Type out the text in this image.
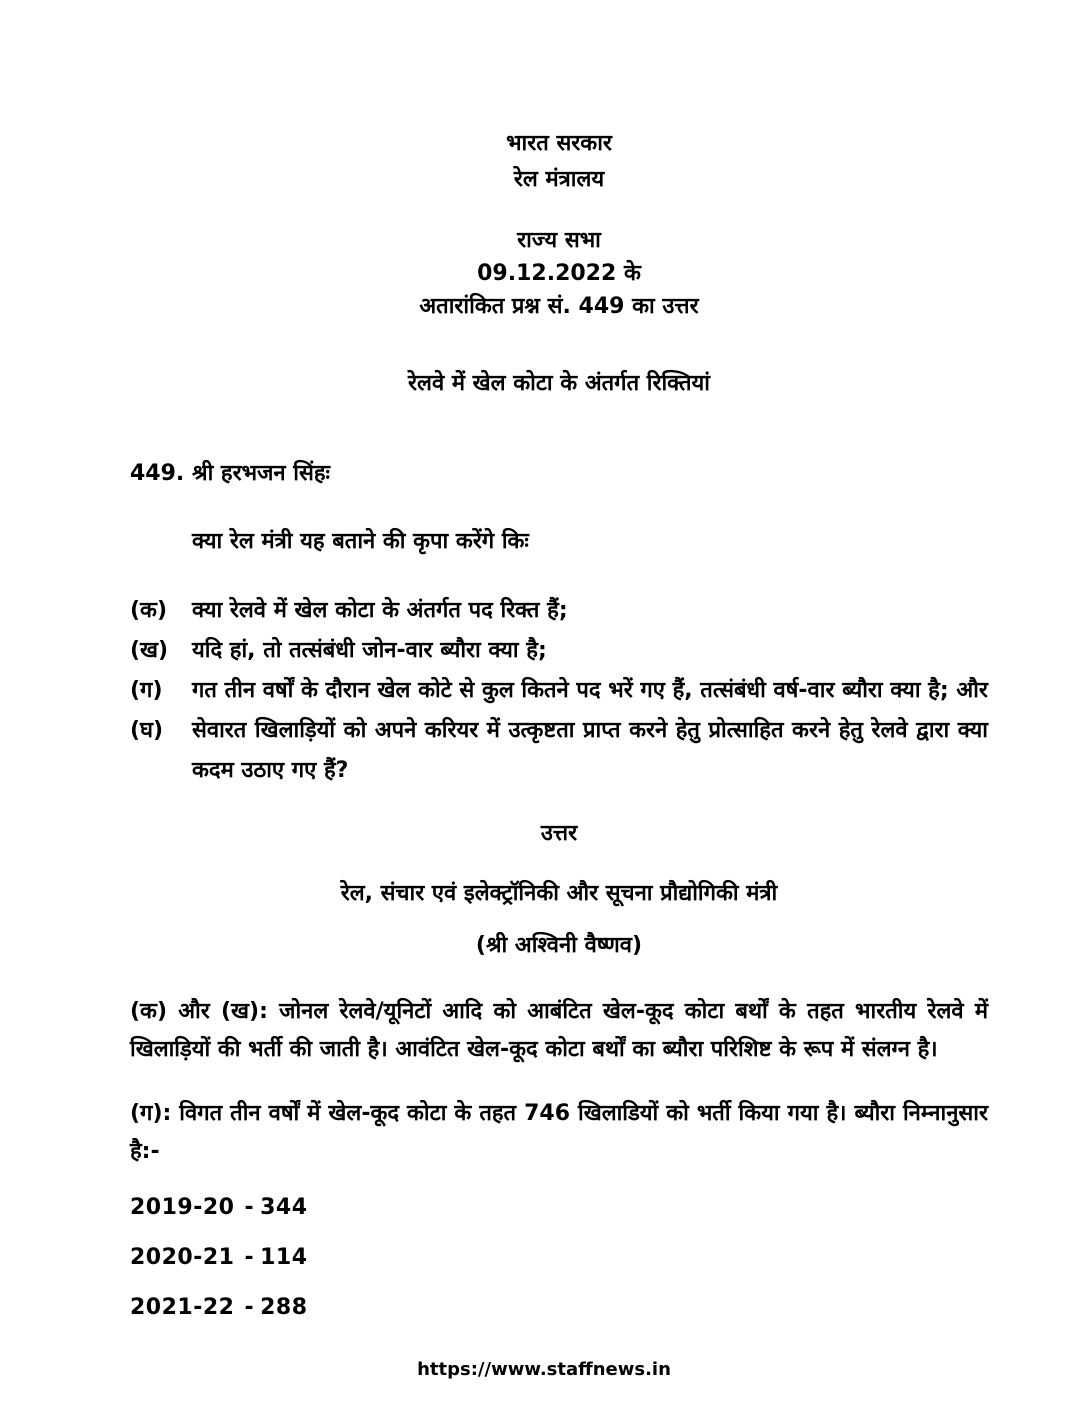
भारत सरकार
रेल मंत्रालय
राज्य सभा
09.12.2022 के
अतारांकित प्रश्न सं. 449 का उत्तर
रेलवे में खेल कोटा के अंतर्गत रिक्तियां
449. श्री हरभजन सिंहः
क्या रेल मंत्री यह बताने की कृपा करेंगे किः
(क)	क्या रेलवे में खेल कोटा के अंतर्गत पद रिक्त हैं;
(ख)	यदि हां, तो तत्संबंधी जोन-वार ब्यौरा क्या है;
(ग)	गत तीन वर्षों के दौरान खेल कोटे से कुल कितने पद भरें गए हैं, तत्संबंधी वर्ष-वार ब्यौरा क्या है; और
(घ)	सेवारत खिलाड़ियों को अपने करियर में उत्कृष्टता प्राप्त करने हेतु प्रोत्साहित करने हेतु रेलवे द्वारा क्या कदम उठाए गए हैं?
उत्तर
रेल, संचार एवं इलेक्ट्रॉनिकी और सूचना प्रौद्योगिकी मंत्री
(श्री अश्विनी वैष्णव)
(क) और (ख): जोनल रेलवे/यूनिटों आदि को आबंटित खेल-कूद कोटा बर्थों के तहत भारतीय रेलवे में खिलाड़ियों की भर्ती की जाती है। आवंटित खेल-कूद कोटा बर्थों का ब्यौरा परिशिष्ट के रूप में संलग्न है।
(ग): विगत तीन वर्षों में खेल-कूद कोटा के तहत 746 खिलाडियों को भर्ती किया गया है। ब्यौरा निम्नानुसार है:-
2019-20 - 344
2020-21 - 114
2021-22 - 288
https://www.staffnews.in
